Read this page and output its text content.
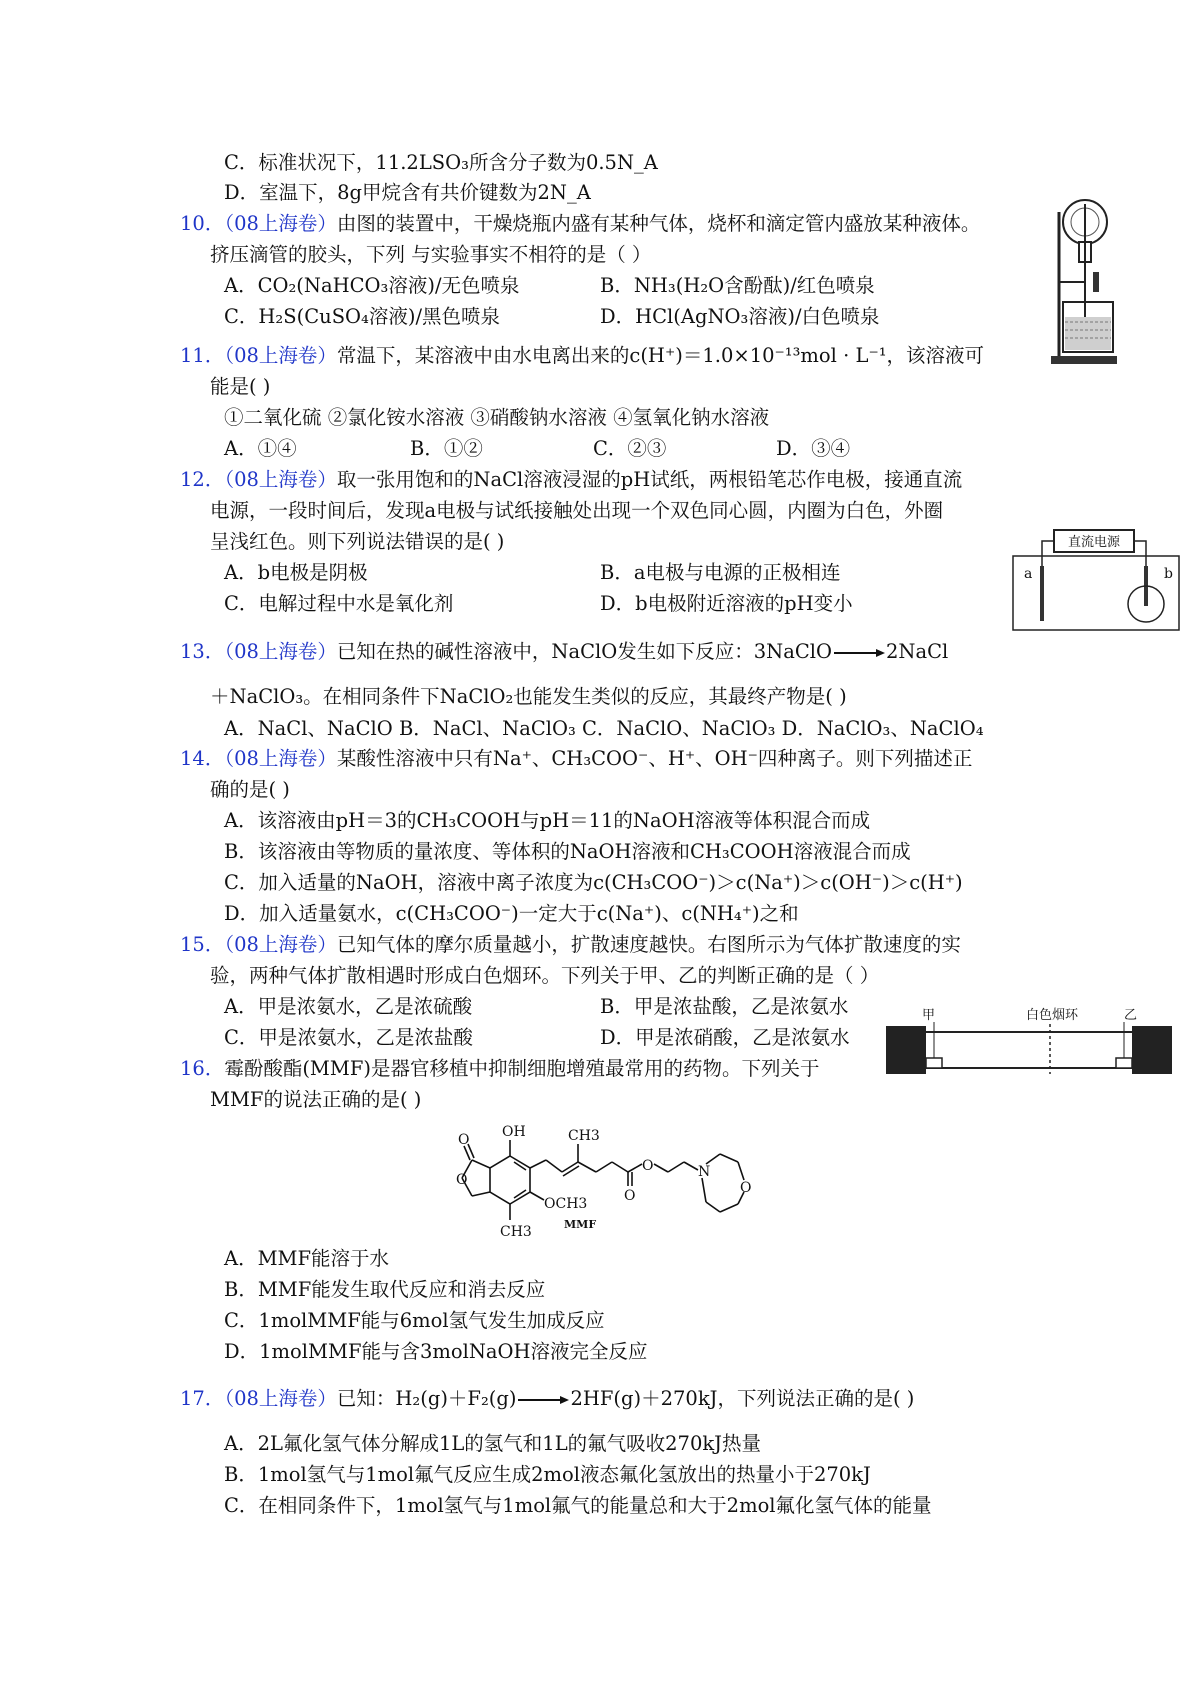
C．标准状况下，11.2LSO₃所含分子数为0.5N_A
D．室温下，8g甲烷含有共价键数为2N_A
10．（08上海卷）由图的装置中，干燥烧瓶内盛有某种气体，烧杯和滴定管内盛放某种液体。
挤压滴管的胶头，下列 与实验事实不相符的是（ ）
A．CO₂(NaHCO₃溶液)/无色喷泉	B．NH₃(H₂O含酚酞)/红色喷泉
C．H₂S(CuSO₄溶液)/黑色喷泉	D．HCl(AgNO₃溶液)/白色喷泉
11．（08上海卷）常温下，某溶液中由水电离出来的c(H⁺)＝1.0×10⁻¹³mol · L⁻¹，该溶液可
能是( )
①二氧化硫 ②氯化铵水溶液 ③硝酸钠水溶液 ④氢氧化钠水溶液
A．①④	B．①②	C．②③	D．③④
12．（08上海卷）取一张用饱和的NaCl溶液浸湿的pH试纸，两根铅笔芯作电极，接通直流
电源，一段时间后，发现a电极与试纸接触处出现一个双色同心圆，内圈为白色，外圈
呈浅红色。则下列说法错误的是( )
A．b电极是阴极	B．a电极与电源的正极相连
C．电解过程中水是氧化剂	D．b电极附近溶液的pH变小
直流电源
a	b
13．（08上海卷）已知在热的碱性溶液中，NaClO发生如下反应：3NaClO→2NaCl
＋NaClO₃。在相同条件下NaClO₂也能发生类似的反应，其最终产物是( )
A．NaCl、NaClO B．NaCl、NaClO₃ C．NaClO、NaClO₃ D．NaClO₃、NaClO₄
14．（08上海卷）某酸性溶液中只有Na⁺、CH₃COO⁻、H⁺、OH⁻四种离子。则下列描述正
确的是( )
A．该溶液由pH＝3的CH₃COOH与pH＝11的NaOH溶液等体积混合而成
B．该溶液由等物质的量浓度、等体积的NaOH溶液和CH₃COOH溶液混合而成
C．加入适量的NaOH，溶液中离子浓度为c(CH₃COO⁻)＞c(Na⁺)＞c(OH⁻)＞c(H⁺)
D．加入适量氨水，c(CH₃COO⁻)一定大于c(Na⁺)、c(NH₄⁺)之和
15．（08上海卷）已知气体的摩尔质量越小，扩散速度越快。右图所示为气体扩散速度的实
验，两种气体扩散相遇时形成白色烟环。下列关于甲、乙的判断正确的是（ ）
A．甲是浓氨水，乙是浓硫酸	B．甲是浓盐酸，乙是浓氨水
C．甲是浓氨水，乙是浓盐酸	D．甲是浓硝酸，乙是浓氨水
甲	白色烟环	乙
16．霉酚酸酯(MMF)是器官移植中抑制细胞增殖最常用的药物。下列关于
MMF的说法正确的是( )
O
O
OH	CH3
O
O	N
O
OCH3
CH3	MMF
A．MMF能溶于水
B．MMF能发生取代反应和消去反应
C．1molMMF能与6mol氢气发生加成反应
D．1molMMF能与含3molNaOH溶液完全反应
17．（08上海卷）已知：H₂(g)＋F₂(g)→2HF(g)＋270kJ，下列说法正确的是( )
A．2L氟化氢气体分解成1L的氢气和1L的氟气吸收270kJ热量
B．1mol氢气与1mol氟气反应生成2mol液态氟化氢放出的热量小于270kJ
C．在相同条件下，1mol氢气与1mol氟气的能量总和大于2mol氟化氢气体的能量
